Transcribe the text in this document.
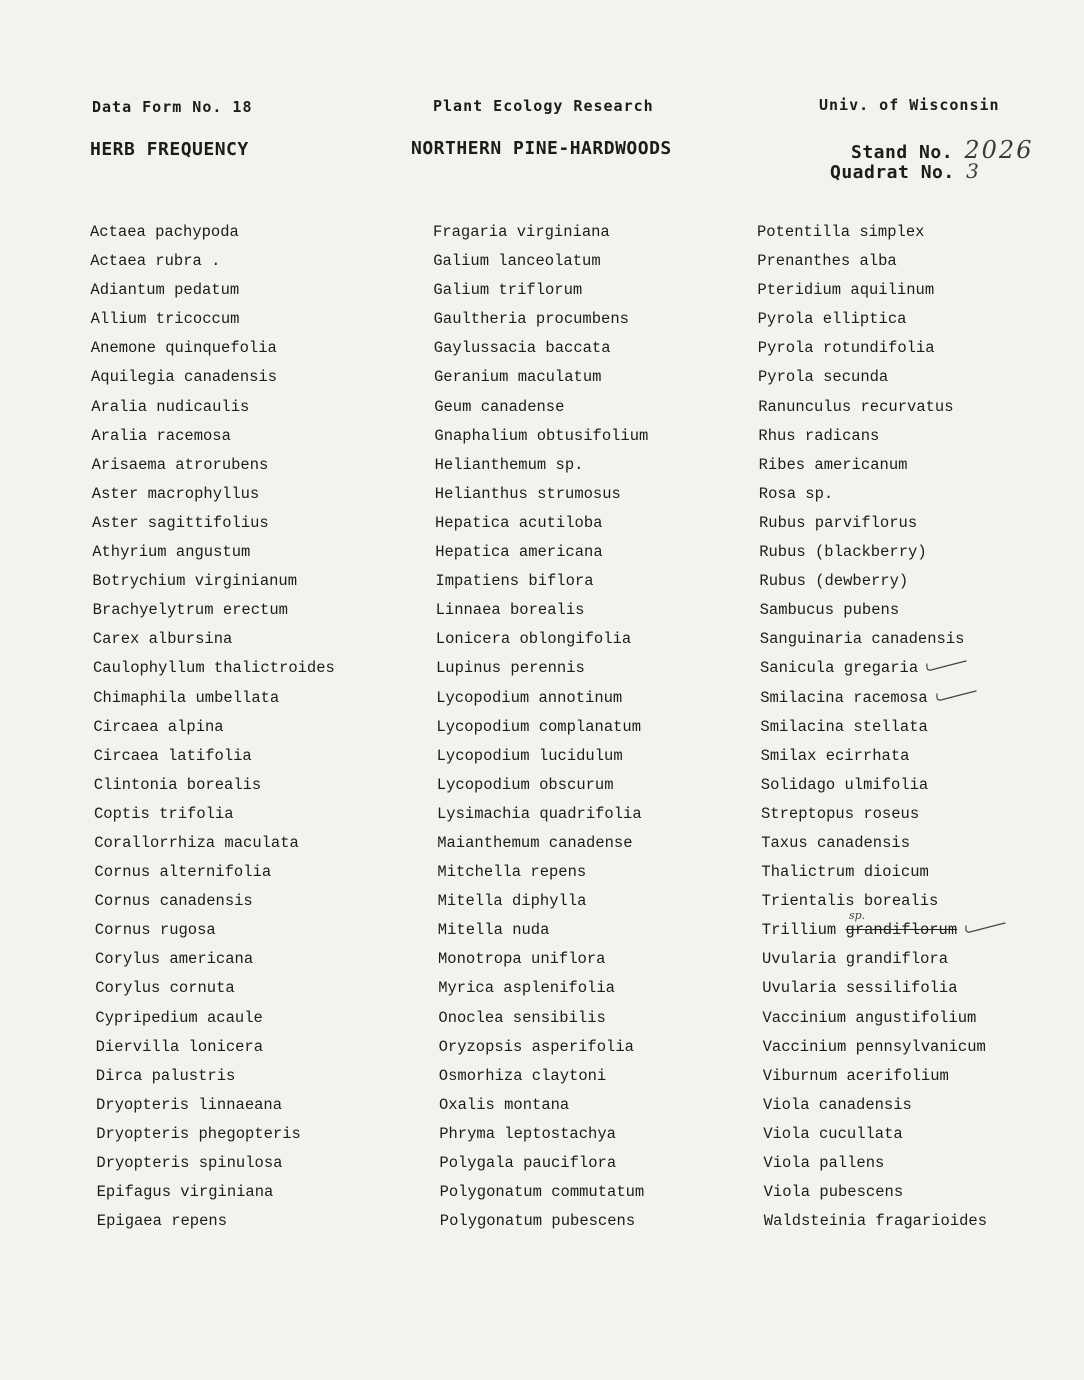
Data Form No. 18	Plant Ecology Research	Univ. of Wisconsin
HERB FREQUENCY	NORTHERN PINE-HARDWOODS	Stand No. 2026
Quadrat No. 3
Actaea pachypoda
Actaea rubra .
Adiantum pedatum
Allium tricoccum
Anemone quinquefolia
Aquilegia canadensis
Aralia nudicaulis
Aralia racemosa
Arisaema atrorubens
Aster macrophyllus
Aster sagittifolius
Athyrium angustum
Botrychium virginianum
Brachyelytrum erectum
Carex albursina
Caulophyllum thalictroides
Chimaphila umbellata
Circaea alpina
Circaea latifolia
Clintonia borealis
Coptis trifolia
Corallorrhiza maculata
Cornus alternifolia
Cornus canadensis
Cornus rugosa
Corylus americana
Corylus cornuta
Cypripedium acaule
Diervilla lonicera
Dirca palustris
Dryopteris linnaeana
Dryopteris phegopteris
Dryopteris spinulosa
Epifagus virginiana
Epigaea repens
Fragaria virginiana
Galium lanceolatum
Galium triflorum
Gaultheria procumbens
Gaylussacia baccata
Geranium maculatum
Geum canadense
Gnaphalium obtusifolium
Helianthemum sp.
Helianthus strumosus
Hepatica acutiloba
Hepatica americana
Impatiens biflora
Linnaea borealis
Lonicera oblongifolia
Lupinus perennis
Lycopodium annotinum
Lycopodium complanatum
Lycopodium lucidulum
Lycopodium obscurum
Lysimachia quadrifolia
Maianthemum canadense
Mitchella repens
Mitella diphylla
Mitella nuda
Monotropa uniflora
Myrica asplenifolia
Onoclea sensibilis
Oryzopsis asperifolia
Osmorhiza claytoni
Oxalis montana
Phryma leptostachya
Polygala pauciflora
Polygonatum commutatum
Polygonatum pubescens
Potentilla simplex
Prenanthes alba
Pteridium aquilinum
Pyrola elliptica
Pyrola rotundifolia
Pyrola secunda
Ranunculus recurvatus
Rhus radicans
Ribes americanum
Rosa sp.
Rubus parviflorus
Rubus (blackberry)
Rubus (dewberry)
Sambucus pubens
Sanguinaria canadensis
Sanicula gregaria
Smilacina racemosa
Smilacina stellata
Smilax ecirrhata
Solidago ulmifolia
Streptopus roseus
Taxus canadensis
Thalictrum dioicum
Trientalis borealis
Trillium grandiflorum
sp.
Uvularia grandiflora
Uvularia sessilifolia
Vaccinium angustifolium
Vaccinium pennsylvanicum
Viburnum acerifolium
Viola canadensis
Viola cucullata
Viola pallens
Viola pubescens
Waldsteinia fragarioides
